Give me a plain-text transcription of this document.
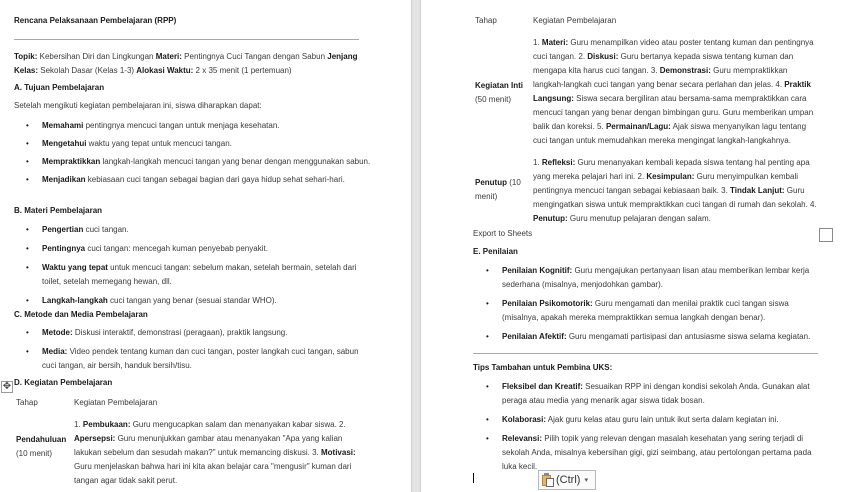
Rencana Pelaksanaan Pembelajaran (RPP)
Topik: Kebersihan Diri dan Lingkungan Materi: Pentingnya Cuci Tangan dengan Sabun Jenjang Kelas: Sekolah Dasar (Kelas 1-3) Alokasi Waktu: 2 x 35 menit (1 pertemuan)
A. Tujuan Pembelajaran
Setelah mengikuti kegiatan pembelajaran ini, siswa diharapkan dapat:
• Memahami pentingnya mencuci tangan untuk menjaga kesehatan.
• Mengetahui waktu yang tepat untuk mencuci tangan.
• Mempraktikkan langkah-langkah mencuci tangan yang benar dengan menggunakan sabun.
• Menjadikan kebiasaan cuci tangan sebagai bagian dari gaya hidup sehat sehari-hari.
B. Materi Pembelajaran
• Pengertian cuci tangan.
• Pentingnya cuci tangan: mencegah kuman penyebab penyakit.
• Waktu yang tepat untuk mencuci tangan: sebelum makan, setelah bermain, setelah dari toilet, setelah memegang hewan, dll.
• Langkah-langkah cuci tangan yang benar (sesuai standar WHO).
C. Metode dan Media Pembelajaran
• Metode: Diskusi interaktif, demonstrasi (peragaan), praktik langsung.
• Media: Video pendek tentang kuman dan cuci tangan, poster langkah cuci tangan, sabun cuci tangan, air bersih, handuk bersih/tisu.
✥ D. Kegiatan Pembelajaran
Tahap	Kegiatan Pembelajaran
Pendahuluan
(10 menit)
1. Pembukaan: Guru mengucapkan salam dan menanyakan kabar siswa. 2. Apersepsi: Guru menunjukkan gambar atau menanyakan "Apa yang kalian lakukan sebelum dan sesudah makan?" untuk memancing diskusi. 3. Motivasi: Guru menjelaskan bahwa hari ini kita akan belajar cara "mengusir" kuman dari tangan agar tidak sakit perut.
Tahap	Kegiatan Pembelajaran
Kegiatan Inti
(50 menit)
1. Materi: Guru menampilkan video atau poster tentang kuman dan pentingnya cuci tangan. 2. Diskusi: Guru bertanya kepada siswa tentang kuman dan mengapa kita harus cuci tangan. 3. Demonstrasi: Guru mempraktikkan langkah-langkah cuci tangan yang benar secara perlahan dan jelas. 4. Praktik Langsung: Siswa secara bergiliran atau bersama-sama mempraktikkan cara mencuci tangan yang benar dengan bimbingan guru. Guru memberikan umpan balik dan koreksi. 5. Permainan/Lagu: Ajak siswa menyanyikan lagu tentang cuci tangan untuk memudahkan mereka mengingat langkah-langkahnya.
Penutup (10 menit)
1. Refleksi: Guru menanyakan kembali kepada siswa tentang hal penting apa yang mereka pelajari hari ini. 2. Kesimpulan: Guru menyimpulkan kembali pentingnya mencuci tangan sebagai kebiasaan baik. 3. Tindak Lanjut: Guru mengingatkan siswa untuk mempraktikkan cuci tangan di rumah dan sekolah. 4. Penutup: Guru menutup pelajaran dengan salam.
Export to Sheets
E. Penilaian
• Penilaian Kognitif: Guru mengajukan pertanyaan lisan atau memberikan lembar kerja sederhana (misalnya, menjodohkan gambar).
• Penilaian Psikomotorik: Guru mengamati dan menilai praktik cuci tangan siswa (misalnya, apakah mereka mempraktikkan semua langkah dengan benar).
• Penilaian Afektif: Guru mengamati partisipasi dan antusiasme siswa selama kegiatan.
Tips Tambahan untuk Pembina UKS:
• Fleksibel dan Kreatif: Sesuaikan RPP ini dengan kondisi sekolah Anda. Gunakan alat peraga atau media yang menarik agar siswa tidak bosan.
• Kolaborasi: Ajak guru kelas atau guru lain untuk ikut serta dalam kegiatan ini.
• Relevansi: Pilih topik yang relevan dengan masalah kesehatan yang sering terjadi di sekolah Anda, misalnya kebersihan gigi, gizi seimbang, atau pertolongan pertama pada luka kecil.
(Ctrl) ▾
